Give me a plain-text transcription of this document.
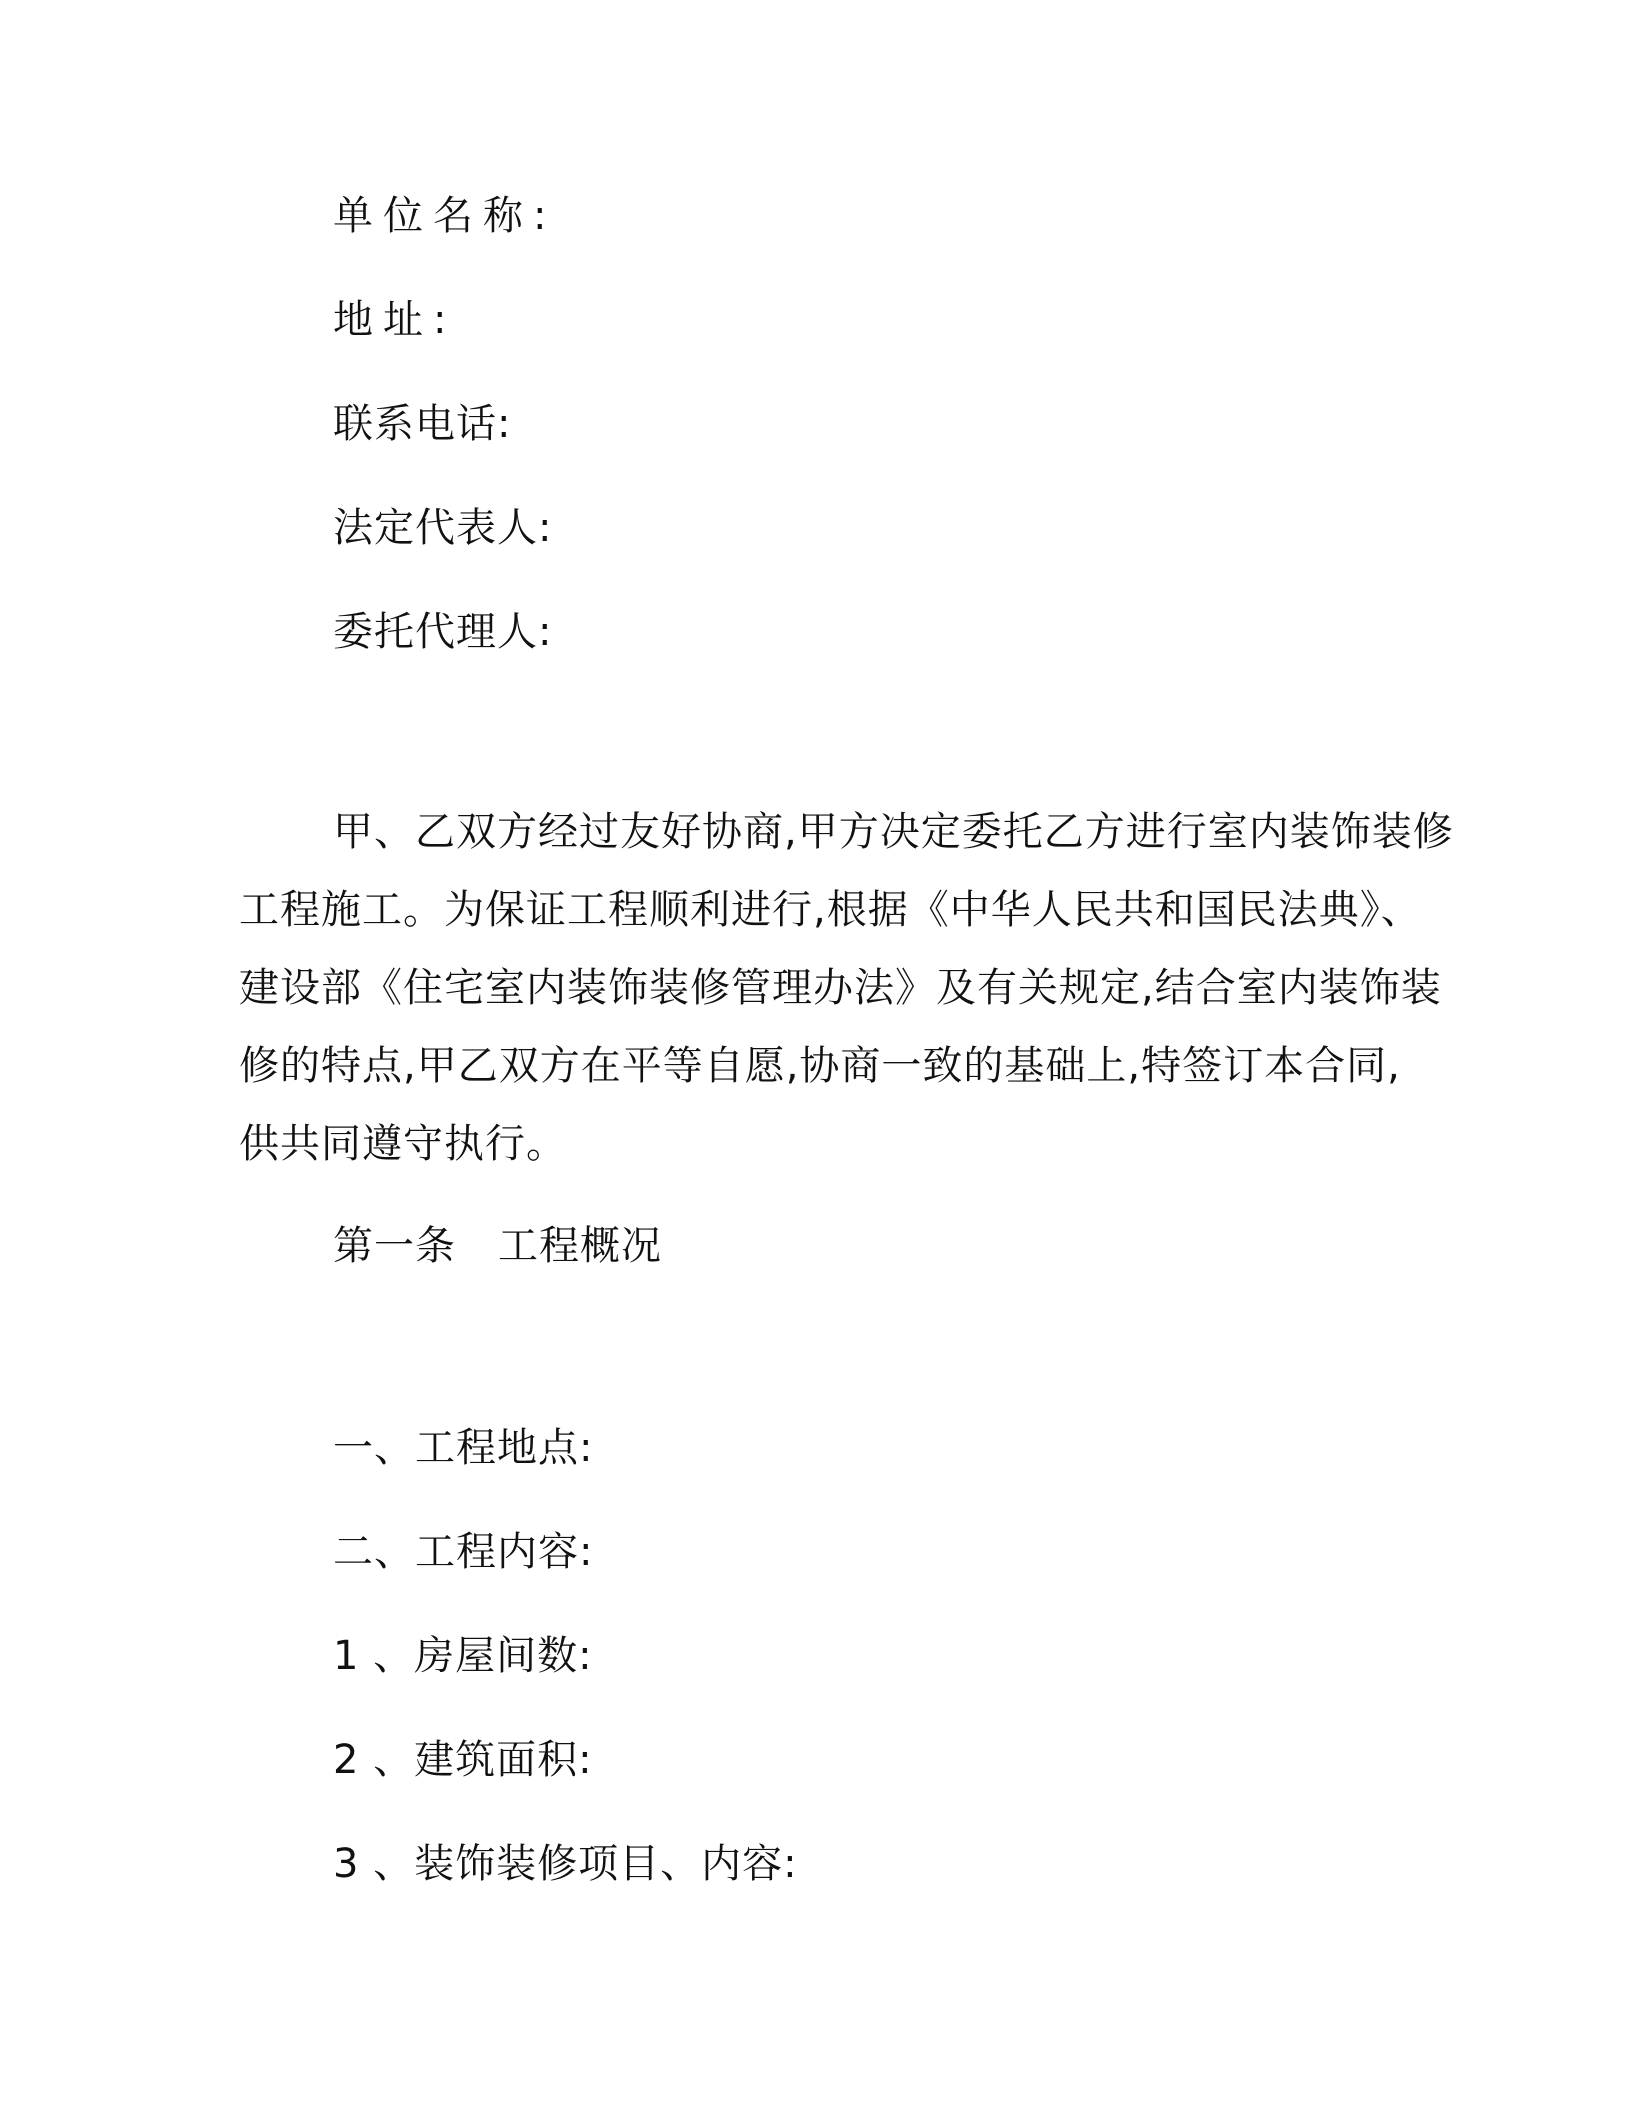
单位名称:
地址:
联系电话:
法定代表人:
委托代理人:
甲、乙双方经过友好协商,甲方决定委托乙方进行室内装饰装修
工程施工。为保证工程顺利进行,根据《中华人民共和国民法典》、
建设部《住宅室内装饰装修管理办法》及有关规定,结合室内装饰装
修的特点,甲乙双方在平等自愿,协商一致的基础上,特签订本合同,
供共同遵守执行。
第一条 工程概况
一、工程地点:
二、工程内容:
1 、房屋间数:
2 、建筑面积:
3 、装饰装修项目、内容:
